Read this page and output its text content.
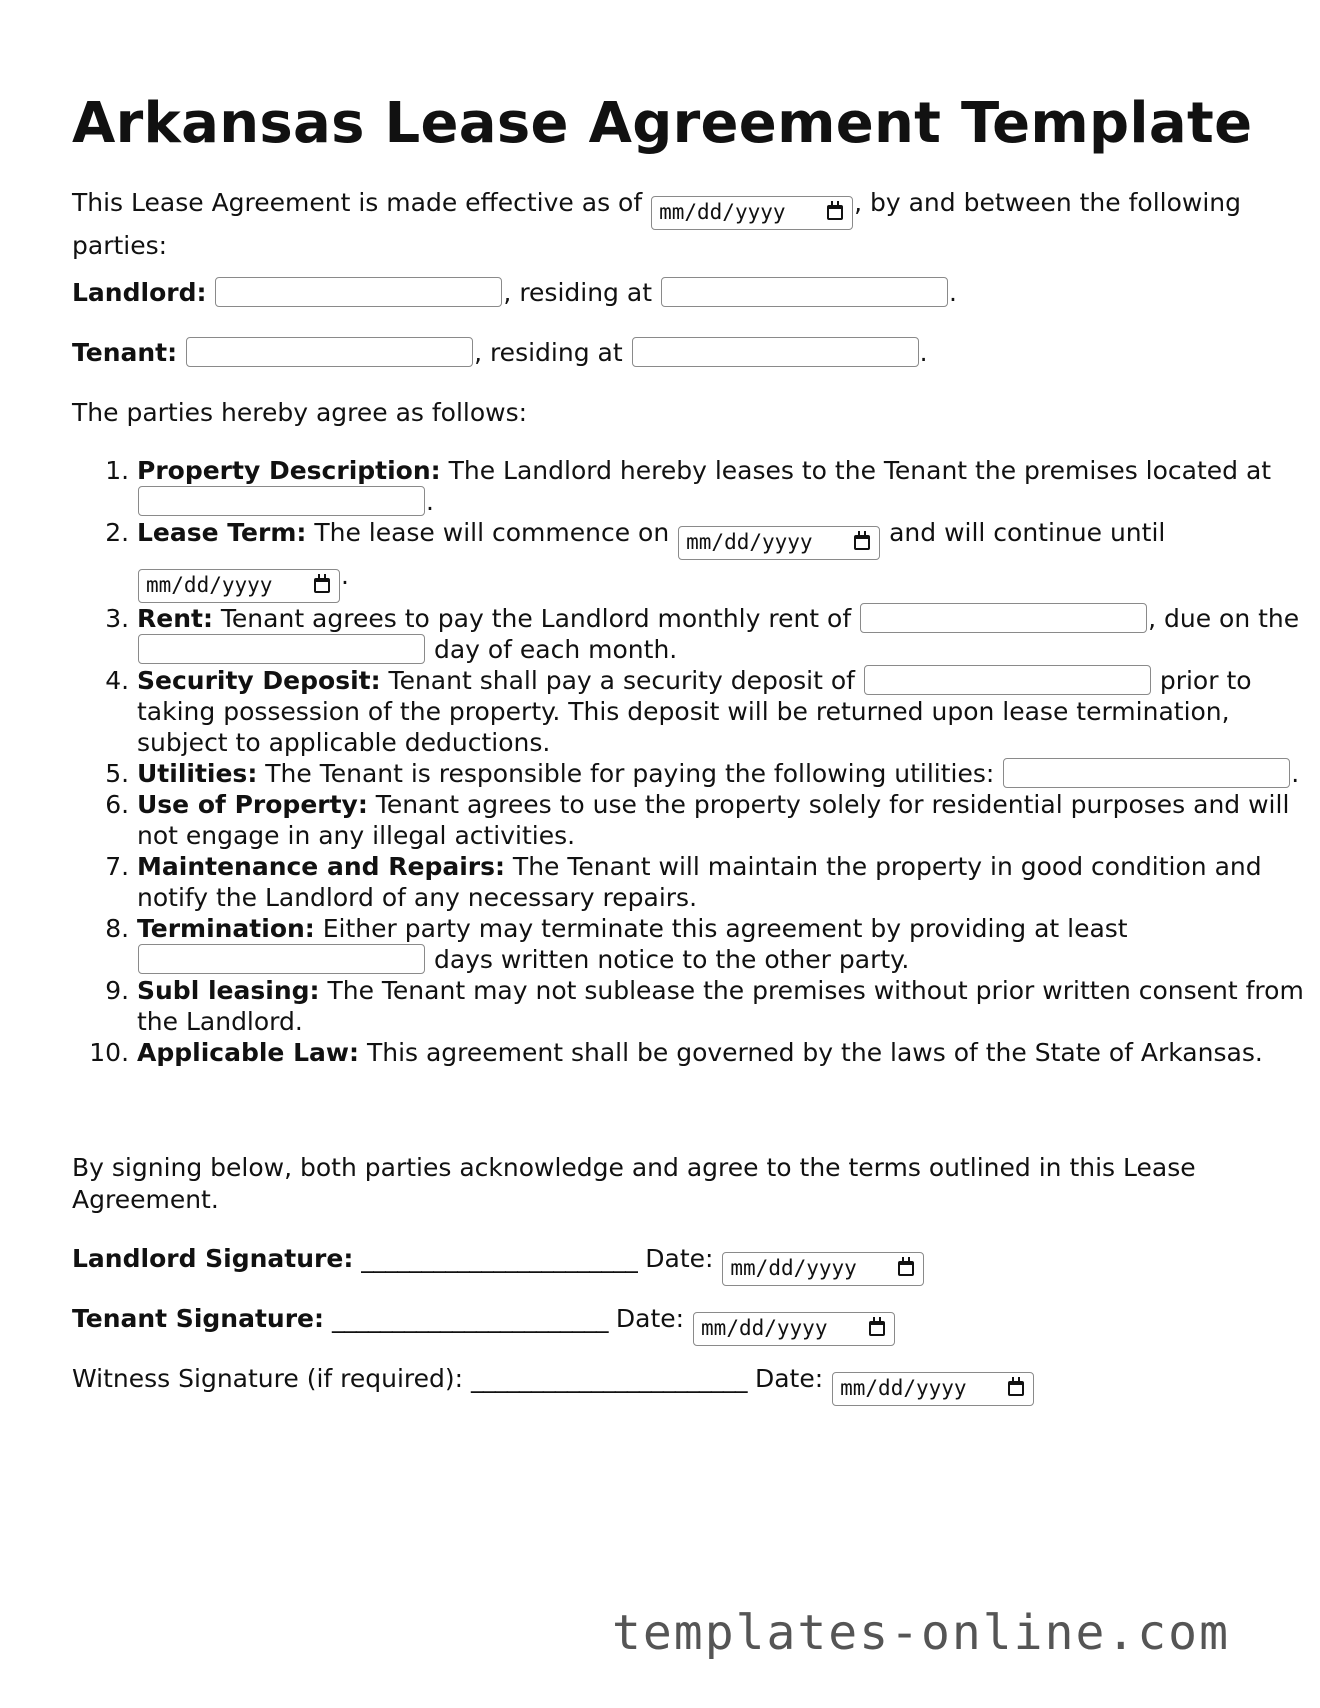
Arkansas Lease Agreement Template

This Lease Agreement is made effective as of mm/dd/yyyy	, by and between the following parties:

Landlord:	, residing at	.

Tenant:	, residing at	.

The parties hereby agree as follows:

1. Property Description: The Landlord hereby leases to the Tenant the premises located at .
2. Lease Term: The lease will commence on mm/dd/yyyy	and will continue until mm/dd/yyyy	.
3. Rent: Tenant agrees to pay the Landlord monthly rent of	, due on the  day of each month.
4. Security Deposit: Tenant shall pay a security deposit of	prior to taking possession of the property. This deposit will be returned upon lease termination, subject to applicable deductions.
5. Utilities: The Tenant is responsible for paying the following utilities:	.
6. Use of Property: Tenant agrees to use the property solely for residential purposes and will not engage in any illegal activities.
7. Maintenance and Repairs: The Tenant will maintain the property in good condition and notify the Landlord of any necessary repairs.
8. Termination: Either party may terminate this agreement by providing at least  days written notice to the other party.
9. Subl leasing: The Tenant may not sublease the premises without prior written consent from the Landlord.
10. Applicable Law: This agreement shall be governed by the laws of the State of Arkansas.

By signing below, both parties acknowledge and agree to the terms outlined in this Lease Agreement.

Landlord Signature: _______________________ Date: mm/dd/yyyy

Tenant Signature: _______________________ Date: mm/dd/yyyy

Witness Signature (if required): _______________________ Date: mm/dd/yyyy

templates-online.com
